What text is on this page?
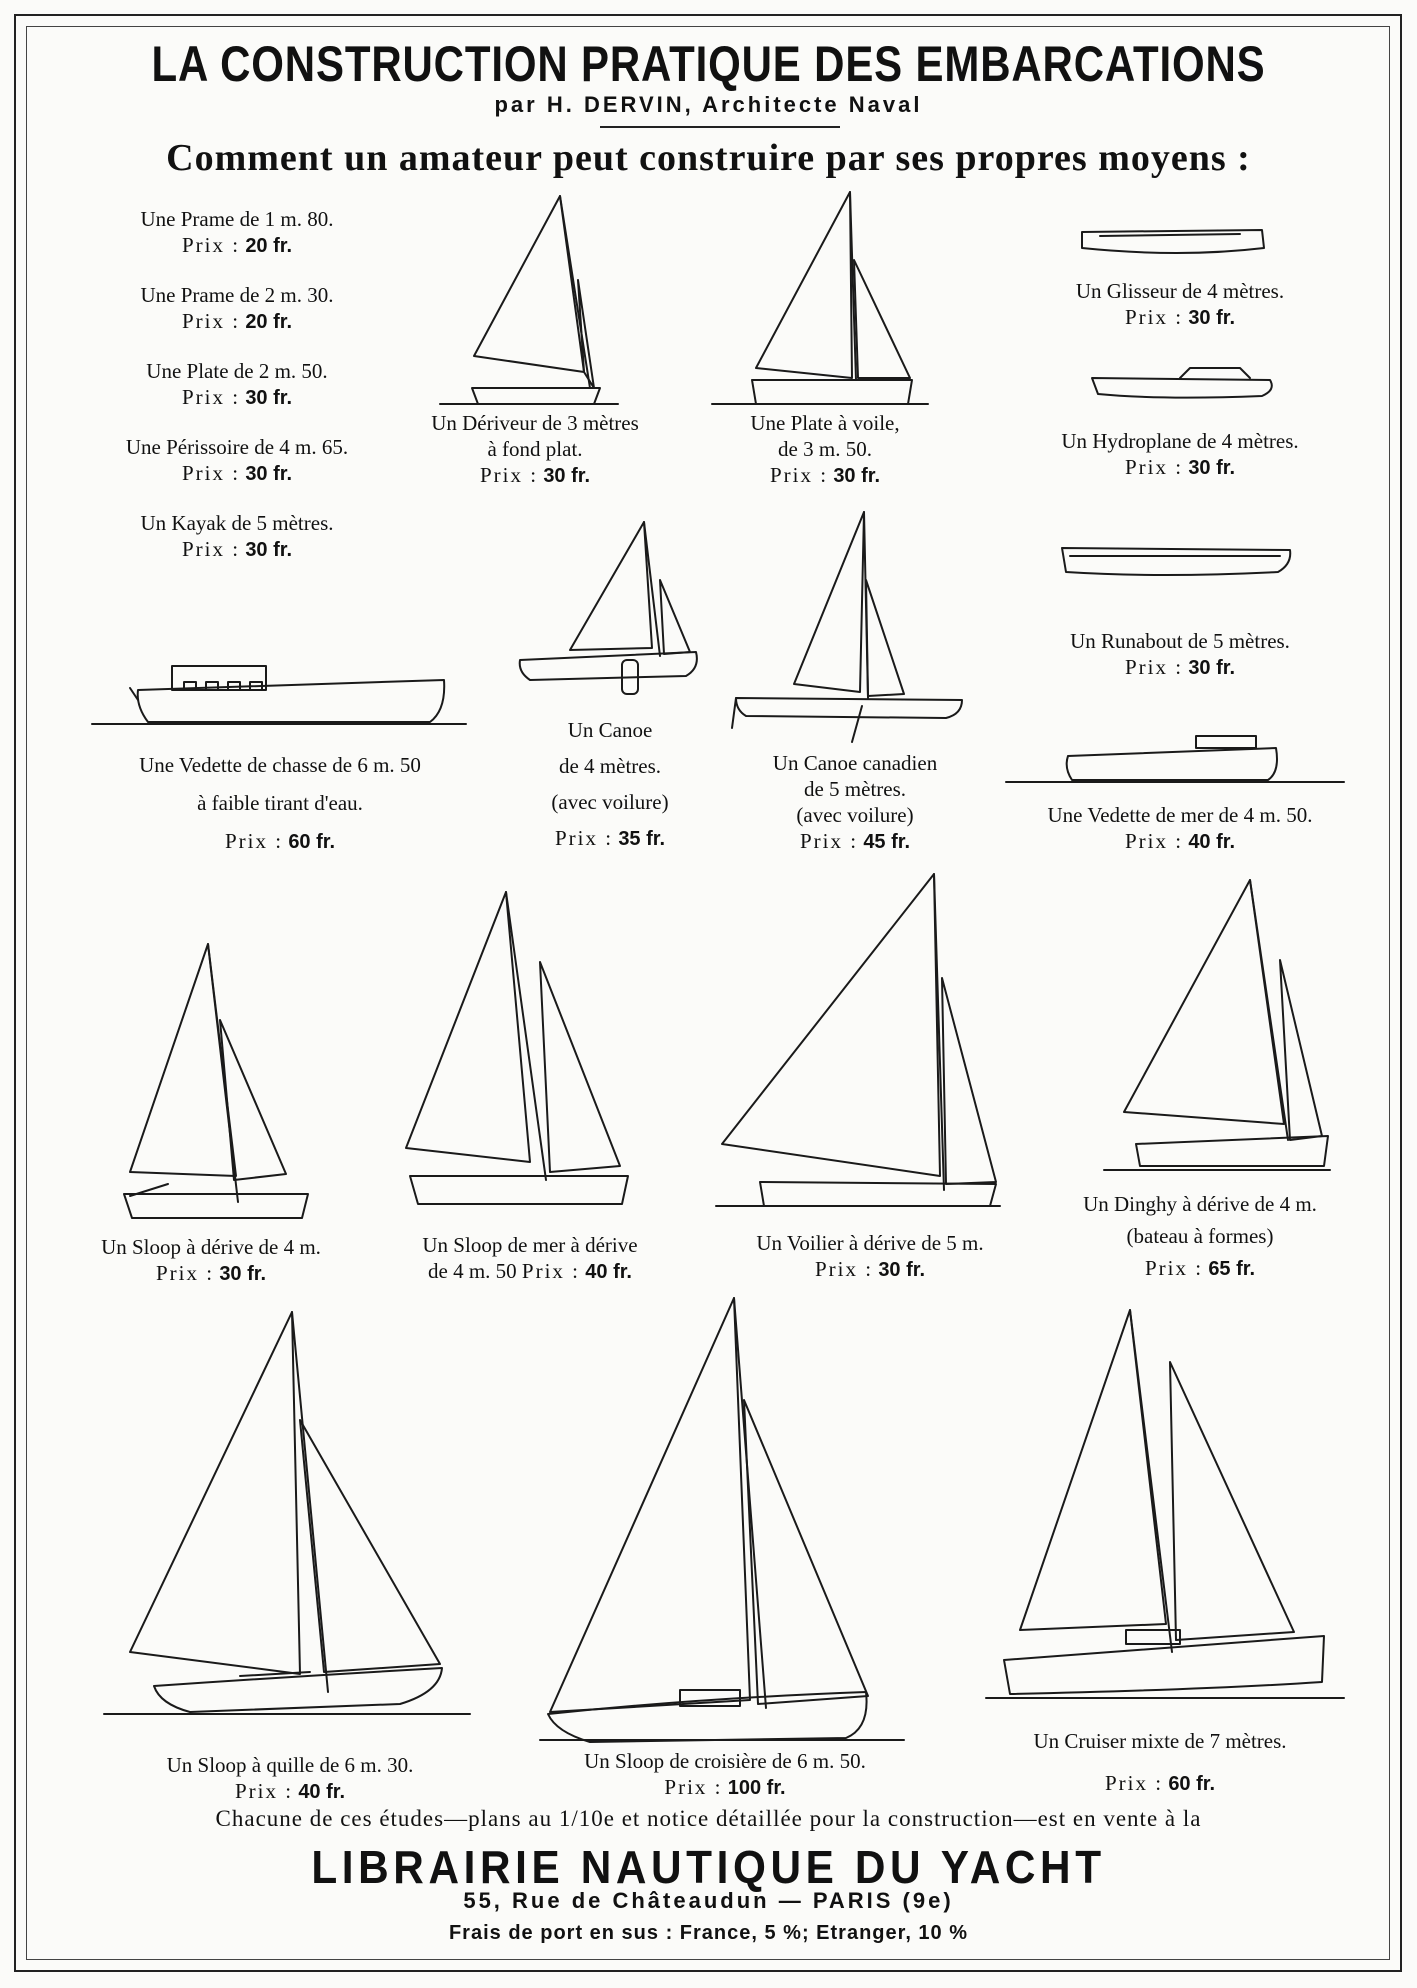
LA CONSTRUCTION PRATIQUE DES EMBARCATIONS
par H. DERVIN, Architecte Naval
Comment un amateur peut construire par ses propres moyens :
Une Prame de 1 m. 80.
Prix : 20 fr.
Une Prame de 2 m. 30.
Prix : 20 fr.
Une Plate de 2 m. 50.
Prix : 30 fr.
Une Périssoire de 4 m. 65.
Prix : 30 fr.
Un Kayak de 5 mètres.
Prix : 30 fr.
Un Dériveur de 3 mètres
à fond plat.
Prix : 30 fr.
Une Plate à voile,
de 3 m. 50.
Prix : 30 fr.
Un Glisseur de 4 mètres.
Prix : 30 fr.
Un Hydroplane de 4 mètres.
Prix : 30 fr.
Un Runabout de 5 mètres.
Prix : 30 fr.
Une Vedette de chasse de 6 m. 50
à faible tirant d'eau.
Prix : 60 fr.
Un Canoe
de 4 mètres.
(avec voilure)
Prix : 35 fr.
Un Canoe canadien
de 5 mètres.
(avec voilure)
Prix : 45 fr.
Une Vedette de mer de 4 m. 50.
Prix : 40 fr.
Un Sloop à dérive de 4 m.
Prix : 30 fr.
Un Sloop de mer à dérive
de 4 m. 50 Prix : 40 fr.
Un Voilier à dérive de 5 m.
Prix : 30 fr.
Un Dinghy à dérive de 4 m.
(bateau à formes)
Prix : 65 fr.
Un Sloop à quille de 6 m. 30.
Prix : 40 fr.
Un Sloop de croisière de 6 m. 50.
Prix : 100 fr.
Un Cruiser mixte de 7 mètres.
Prix : 60 fr.
Chacune de ces études—plans au 1/10e et notice détaillée pour la construction—est en vente à la
LIBRAIRIE NAUTIQUE DU YACHT
55, Rue de Châteaudun — PARIS (9e)
Frais de port en sus : France, 5 %; Etranger, 10 %
